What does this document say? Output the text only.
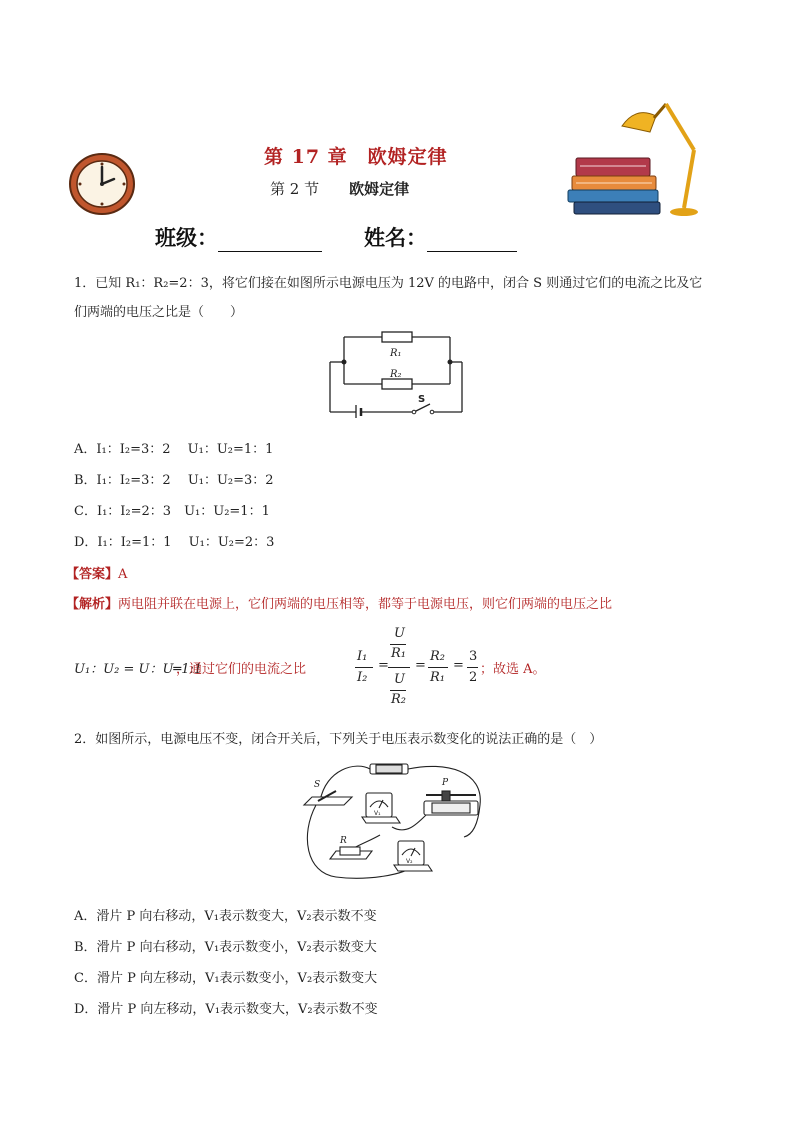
第 17 章　欧姆定律
第 2 节　　 欧姆定律
班级：	姓名：
1．已知 R₁：R₂=2：3，将它们接在如图所示电源电压为 12V 的电路中，闭合 S 则通过它们的电流之比及它
们两端的电压之比是（　　）
R₁
R₂
S
A．I₁：I₂=3：2　 U₁：U₂=1：1
B．I₁：I₂=3：2　 U₁：U₂=3：2
C．I₁：I₂=2：3　U₁：U₂=1：1
D．I₁：I₂=1：1　 U₁：U₂=2：3
【答案】A
【解析】两电阻并联在电源上，它们两端的电压相等，都等于电源电压，则它们两端的电压之比
U₁：U₂ = U：U═1:1
，通过它们的电流之比
I₁
I₂
=
U
R₁
U
R₂
=
R₂
R₁
=
3
2
；故选 A。
2．如图所示，电源电压不变，闭合开关后，下列关于电压表示数变化的说法正确的是（　）
S	P
R
V₁
V₂
A．滑片 P 向右移动，V₁表示数变大，V₂表示数不变
B．滑片 P 向右移动，V₁表示数变小，V₂表示数变大
C．滑片 P 向左移动，V₁表示数变小，V₂表示数变大
D．滑片 P 向左移动，V₁表示数变大，V₂表示数不变
